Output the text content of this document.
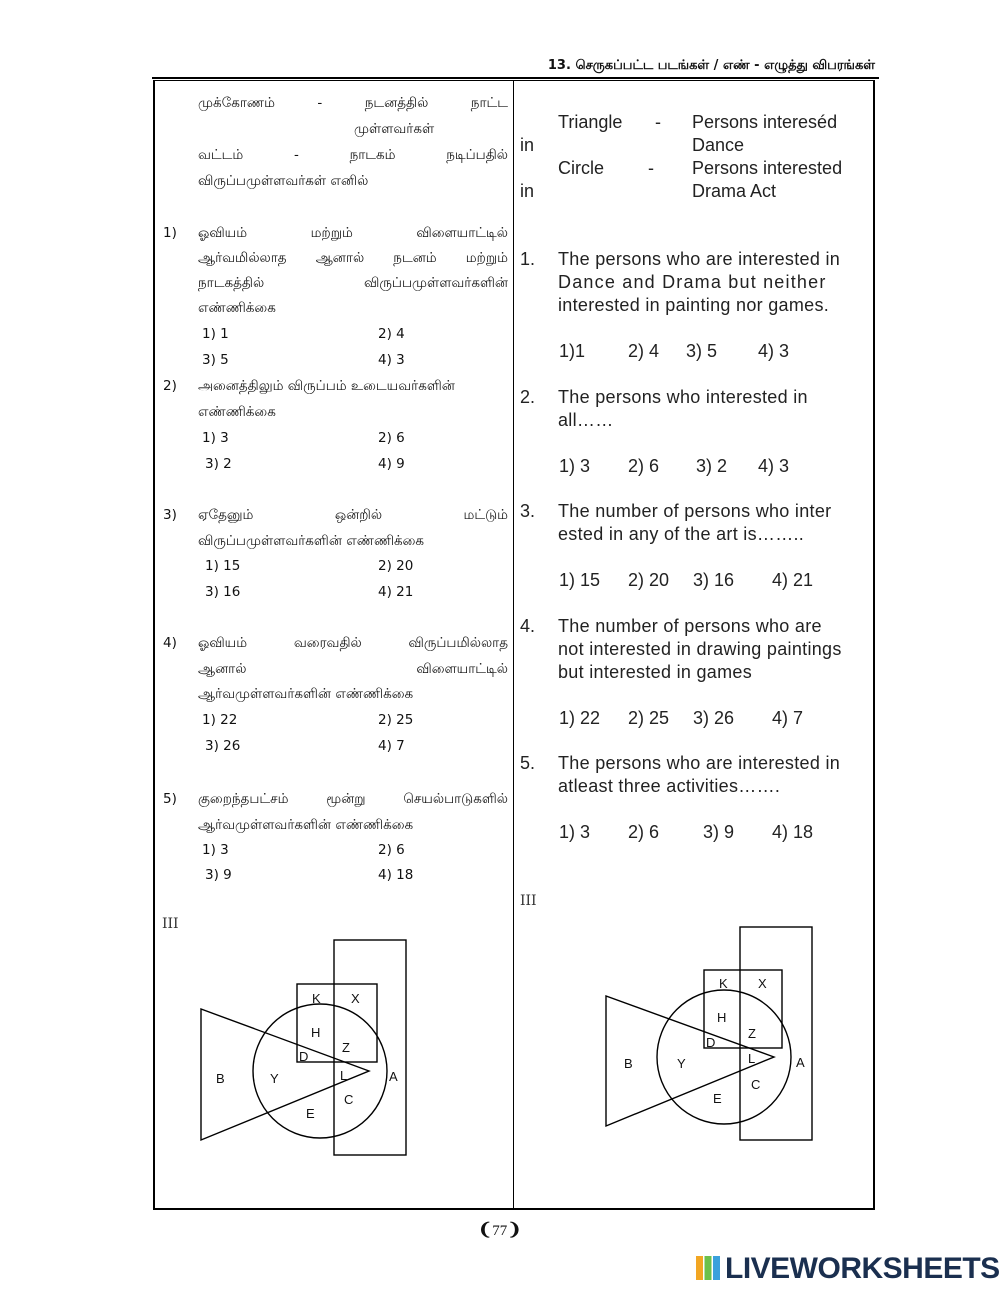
13. செருகப்பட்ட படங்கள் / எண் - எழுத்து விபரங்கள்
முக்கோணம்	-	நடனத்தில்	நாட்ட
முள்ளவர்கள்
வட்டம்	-	நாடகம்	நடிப்பதில்
விருப்பமுள்ளவர்கள் எனில்
1) ஓவியம் மற்றும் விளையாட்டில்
ஆர்வமில்லாத ஆனால் நடனம் மற்றும்
நாடகத்தில் விருப்பமுள்ளவர்களின்
எண்ணிக்கை
1) 1	2) 4
3) 5	4) 3
2) அனைத்திலும் விருப்பம் உடையவர்களின்
எண்ணிக்கை
1) 3	2) 6
3) 2	4) 9
3) ஏதேனும் ஒன்றில் மட்டும்
விருப்பமுள்ளவர்களின் எண்ணிக்கை
1) 15	2) 20
3) 16	4) 21
4) ஓவியம் வரைவதில் விருப்பமில்லாத
ஆனால் விளையாட்டில்
ஆர்வமுள்ளவர்களின் எண்ணிக்கை
1) 22	2) 25
3) 26	4) 7
5) குறைந்தபட்சம் மூன்று செயல்பாடுகளில்
ஆர்வமுள்ளவர்களின் எண்ணிக்கை
1) 3	2) 6
3) 9	4) 18
III
K X
H
Z
D
L
B	Y	A
C
E
in
in
Triangle - Persons intereséd
Dance
Circle - Persons interested
Drama Act
1. The persons who are interested in
Dance and Drama but neither
interested in painting nor games.
1)1 2) 4 3) 5 4) 3
2. The persons who interested in
all……
1) 3 2) 6 3) 2 4) 3
3. The number of persons who inter
ested in any of the art is……..
1) 15 2) 20 3) 16 4) 21
4. The number of persons who are
not interested in drawing paintings
but interested in games
1) 22 2) 25 3) 26 4) 7
5. The persons who are interested in
atleast three activities…….
1) 3 2) 6 3) 9 4) 18
III
K X
H
Z
D
L
B	Y	A
C
E
❨77❩
LIVEWORKSHEETS
